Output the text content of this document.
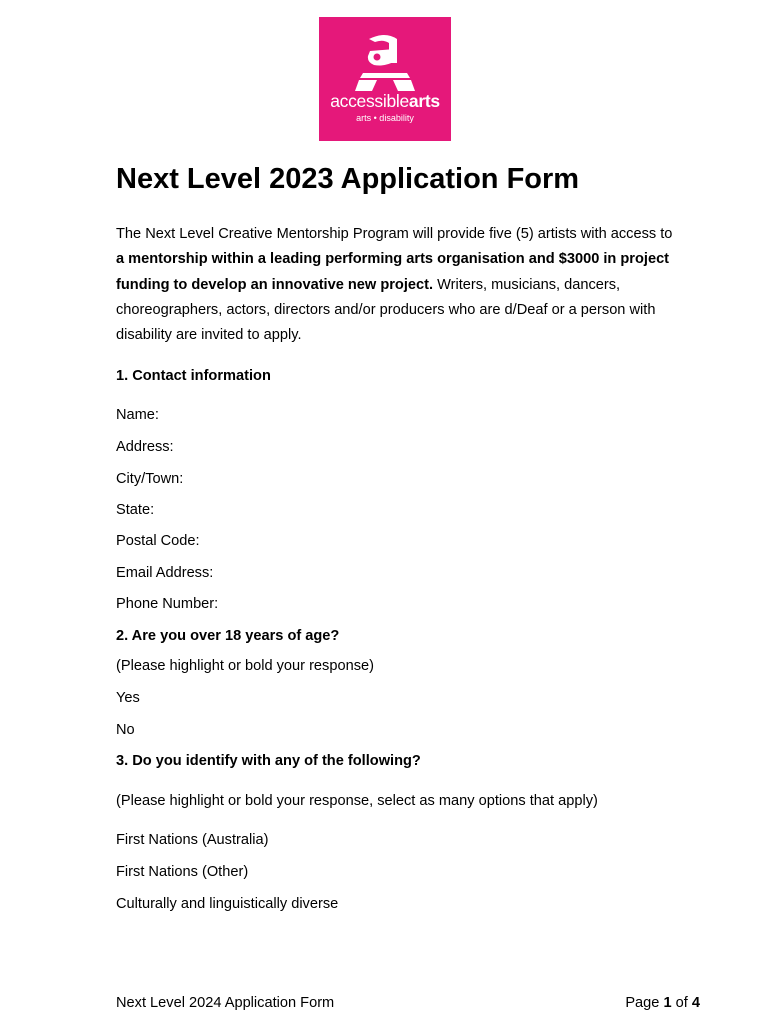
accessiblearts
arts • disability
Next Level 2023 Application Form

The Next Level Creative Mentorship Program will provide five (5) artists with access to a mentorship within a leading performing arts organisation and $3000 in project funding to develop an innovative new project. Writers, musicians, dancers, choreographers, actors, directors and/or producers who are d/Deaf or a person with disability are invited to apply.

1. Contact information
Name:
Address:
City/Town:
State:
Postal Code:
Email Address:
Phone Number:
2. Are you over 18 years of age?
(Please highlight or bold your response)
Yes
No
3. Do you identify with any of the following?
(Please highlight or bold your response, select as many options that apply)
First Nations (Australia)
First Nations (Other)
Culturally and linguistically diverse
Next Level 2024 Application Form	Page 1 of 4
